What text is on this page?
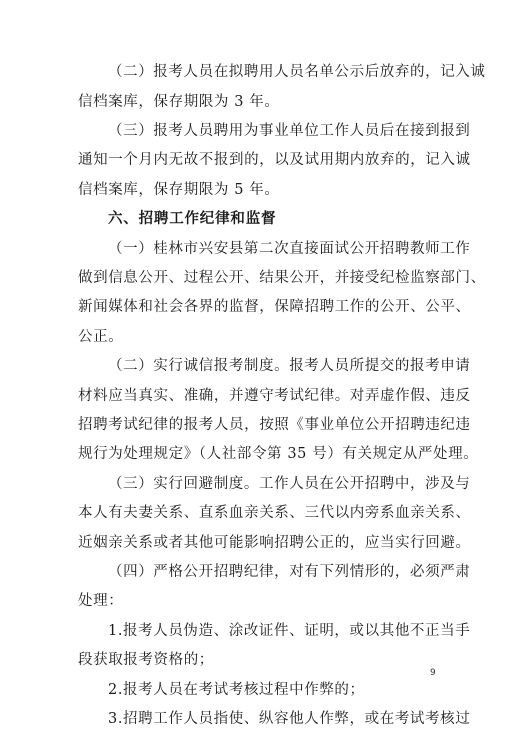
（二）报考人员在拟聘用人员名单公示后放弃的，记入诚
信档案库，保存期限为 3 年。
（三）报考人员聘用为事业单位工作人员后在接到报到
通知一个月内无故不报到的，以及试用期内放弃的，记入诚
信档案库，保存期限为 5 年。
六、招聘工作纪律和监督
（一）桂林市兴安县第二次直接面试公开招聘教师工作
做到信息公开、过程公开、结果公开，并接受纪检监察部门、
新闻媒体和社会各界的监督，保障招聘工作的公开、公平、
公正。
（二）实行诚信报考制度。报考人员所提交的报考申请
材料应当真实、准确，并遵守考试纪律。对弄虚作假、违反
招聘考试纪律的报考人员，按照《事业单位公开招聘违纪违
规行为处理规定》（人社部令第 35 号）有关规定从严处理。
（三）实行回避制度。工作人员在公开招聘中，涉及与
本人有夫妻关系、直系血亲关系、三代以内旁系血亲关系、
近姻亲关系或者其他可能影响招聘公正的，应当实行回避。
（四）严格公开招聘纪律，对有下列情形的，必须严肃
处理：
1.报考人员伪造、涂改证件、证明，或以其他不正当手
段获取报考资格的；
2.报考人员在考试考核过程中作弊的；
3.招聘工作人员指使、纵容他人作弊，或在考试考核过
9
